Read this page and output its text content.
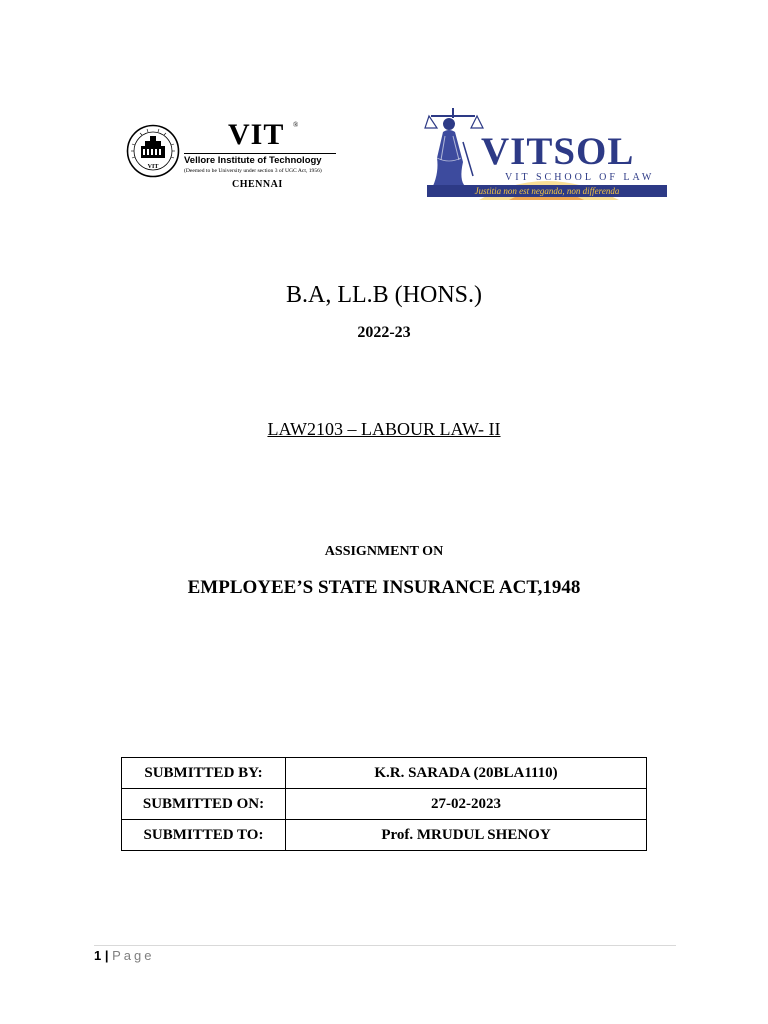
VIT
VIT ®
Vellore Institute of Technology
(Deemed to be University under section 3 of UGC Act, 1956)
CHENNAI
VITSOL
VIT SCHOOL OF LAW
Justitia non est neganda, non differenda
B.A, LL.B (HONS.)
2022-23
LAW2103 – LABOUR LAW- II
ASSIGNMENT ON
EMPLOYEE’S STATE INSURANCE ACT,1948
SUBMITTED BY:	K.R. SARADA (20BLA1110)
SUBMITTED ON:	27-02-2023
SUBMITTED TO:	Prof. MRUDUL SHENOY
1 | Page
